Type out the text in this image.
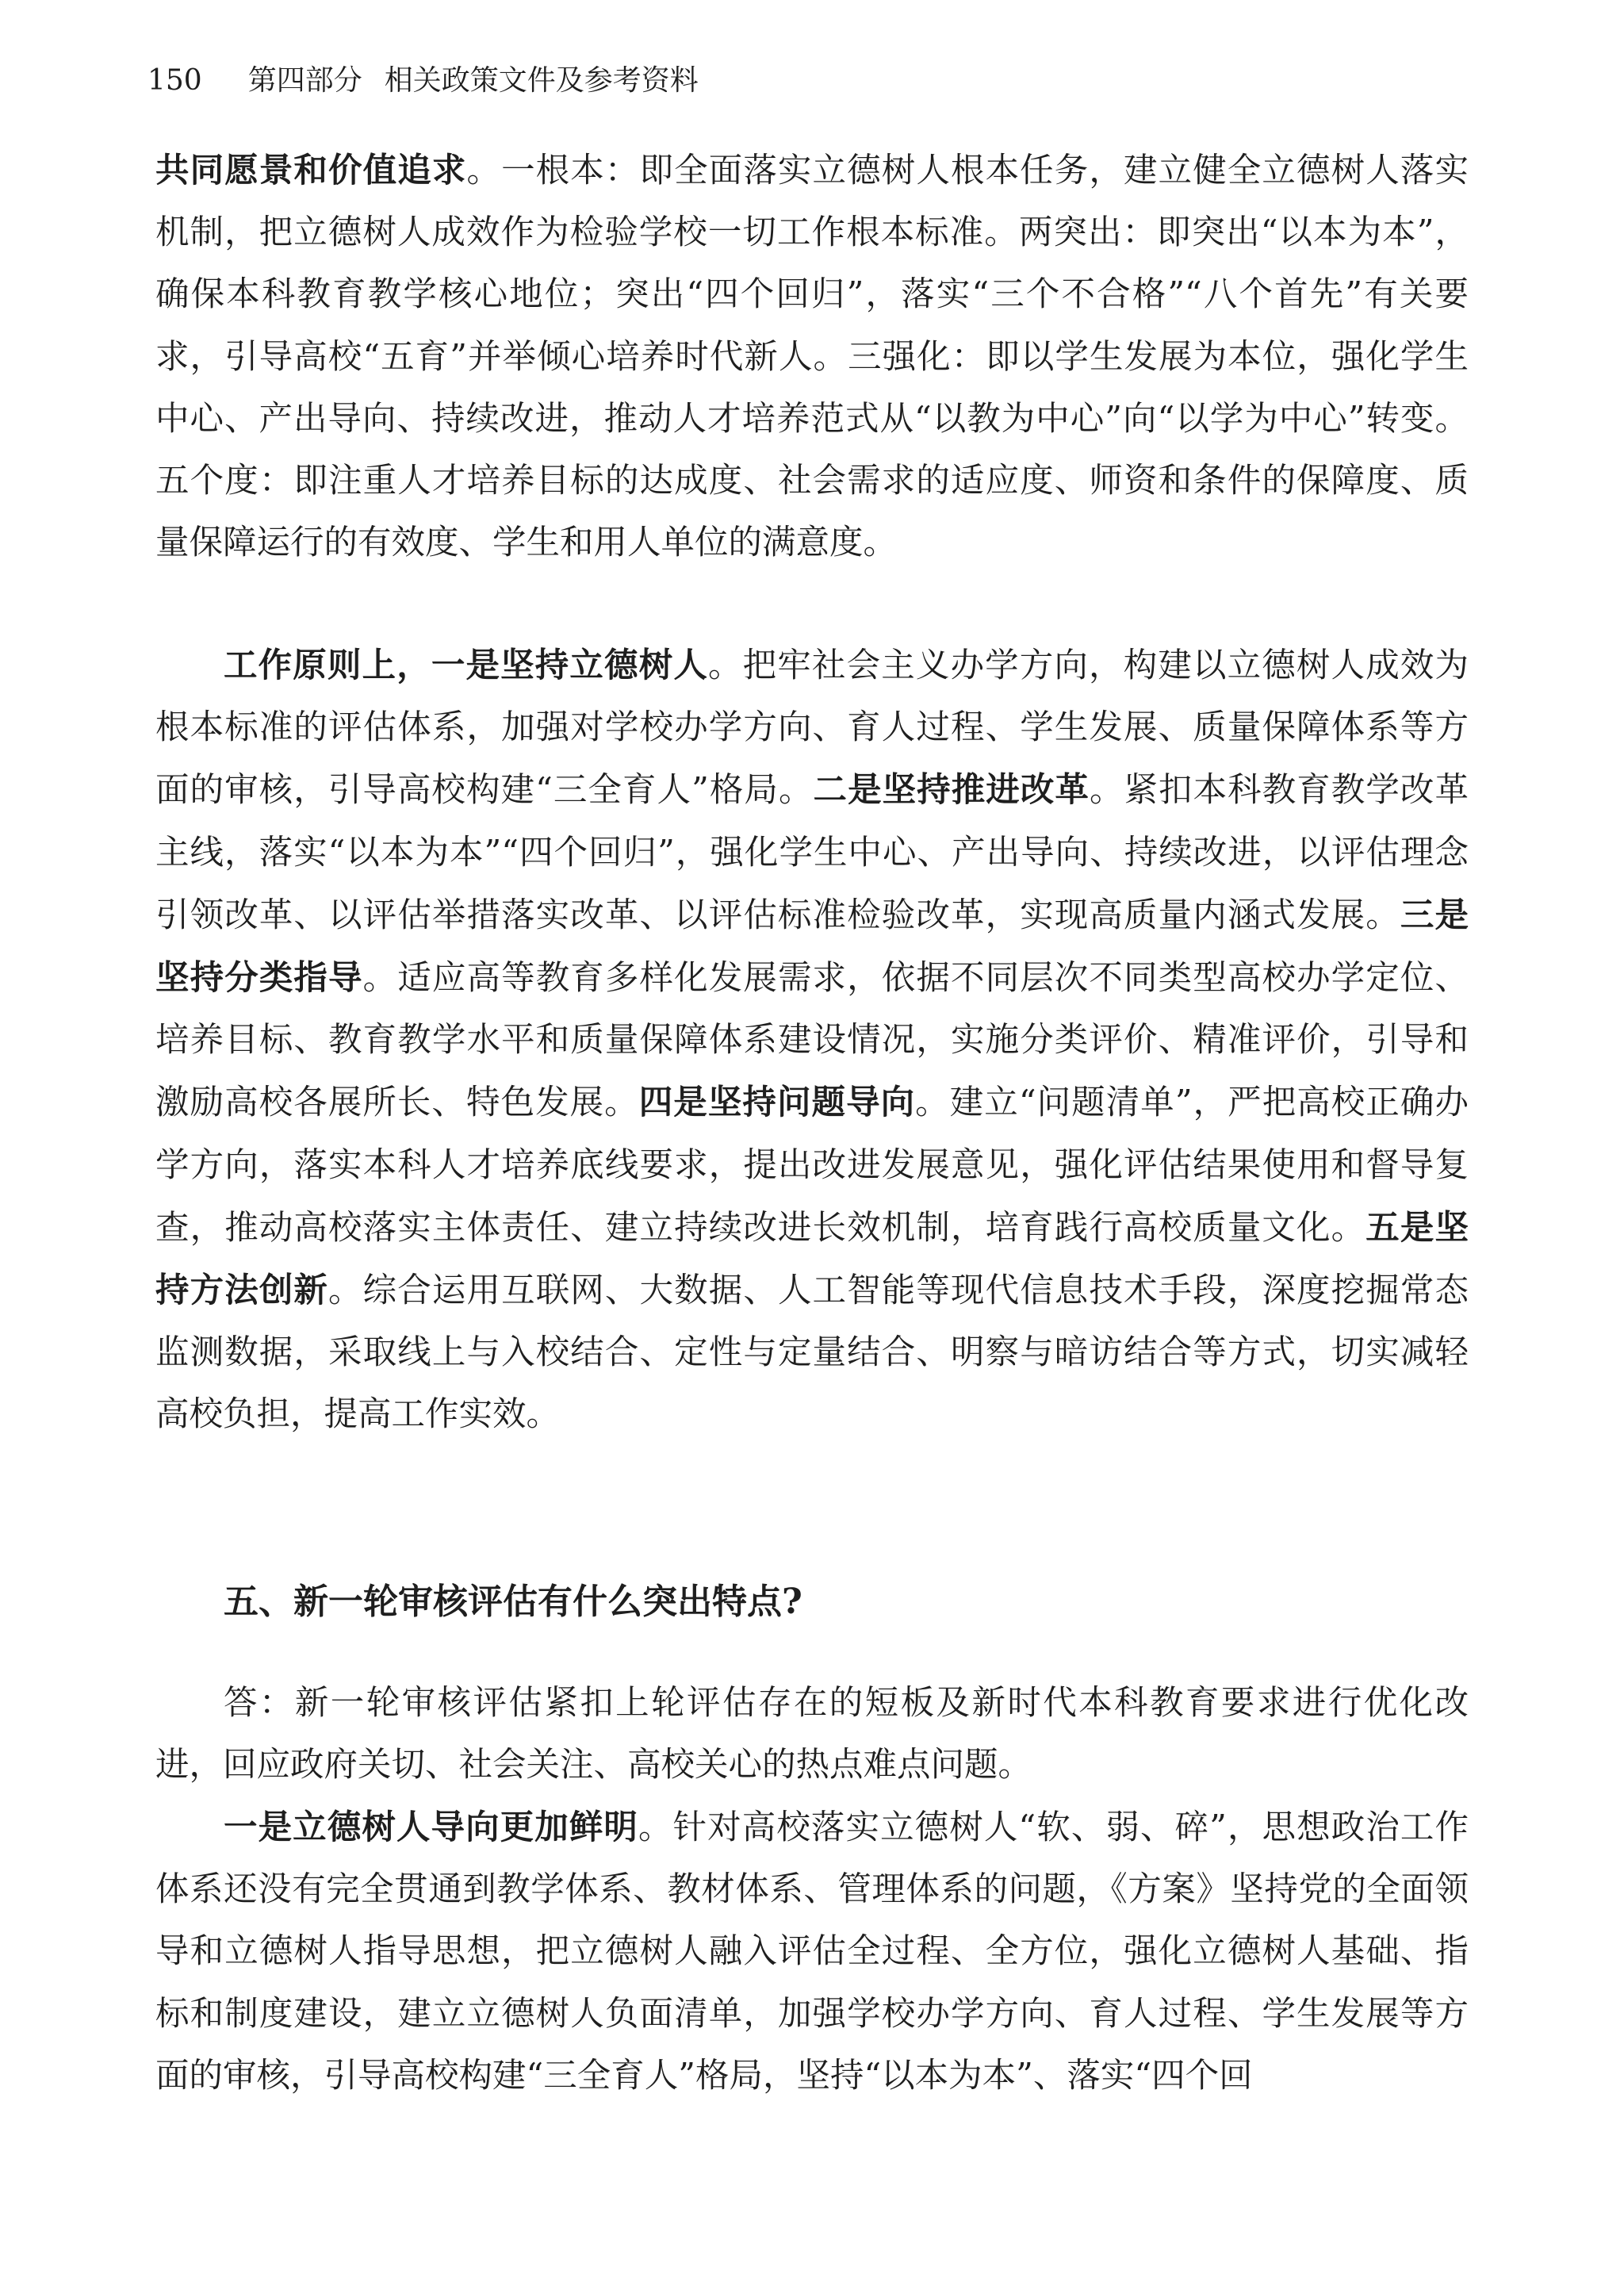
150 第四部分 相关政策文件及参考资料

共同愿景和价值追求。一根本：即全面落实立德树人根本任务，建立健全立德树人落实机制，把立德树人成效作为检验学校一切工作根本标准。两突出：即突出“以本为本”，确保本科教育教学核心地位；突出“四个回归”，落实“三个不合格”“八个首先”有关要求，引导高校“五育”并举倾心培养时代新人。三强化：即以学生发展为本位，强化学生中心、产出导向、持续改进，推动人才培养范式从“以教为中心”向“以学为中心”转变。五个度：即注重人才培养目标的达成度、社会需求的适应度、师资和条件的保障度、质量保障运行的有效度、学生和用人单位的满意度。

工作原则上，一是坚持立德树人。把牢社会主义办学方向，构建以立德树人成效为根本标准的评估体系，加强对学校办学方向、育人过程、学生发展、质量保障体系等方面的审核，引导高校构建“三全育人”格局。二是坚持推进改革。紧扣本科教育教学改革主线，落实“以本为本”“四个回归”，强化学生中心、产出导向、持续改进，以评估理念引领改革、以评估举措落实改革、以评估标准检验改革，实现高质量内涵式发展。三是坚持分类指导。适应高等教育多样化发展需求，依据不同层次不同类型高校办学定位、培养目标、教育教学水平和质量保障体系建设情况，实施分类评价、精准评价，引导和激励高校各展所长、特色发展。四是坚持问题导向。建立“问题清单”，严把高校正确办学方向，落实本科人才培养底线要求，提出改进发展意见，强化评估结果使用和督导复查，推动高校落实主体责任、建立持续改进长效机制，培育践行高校质量文化。五是坚持方法创新。综合运用互联网、大数据、人工智能等现代信息技术手段，深度挖掘常态监测数据，采取线上与入校结合、定性与定量结合、明察与暗访结合等方式，切实减轻高校负担，提高工作实效。

五、新一轮审核评估有什么突出特点?

答：新一轮审核评估紧扣上轮评估存在的短板及新时代本科教育要求进行优化改进，回应政府关切、社会关注、高校关心的热点难点问题。

一是立德树人导向更加鲜明。针对高校落实立德树人“软、弱、碎”，思想政治工作体系还没有完全贯通到教学体系、教材体系、管理体系的问题，《方案》坚持党的全面领导和立德树人指导思想，把立德树人融入评估全过程、全方位，强化立德树人基础、指标和制度建设，建立立德树人负面清单，加强学校办学方向、育人过程、学生发展等方面的审核，引导高校构建“三全育人”格局，坚持“以本为本”、落实“四个回
